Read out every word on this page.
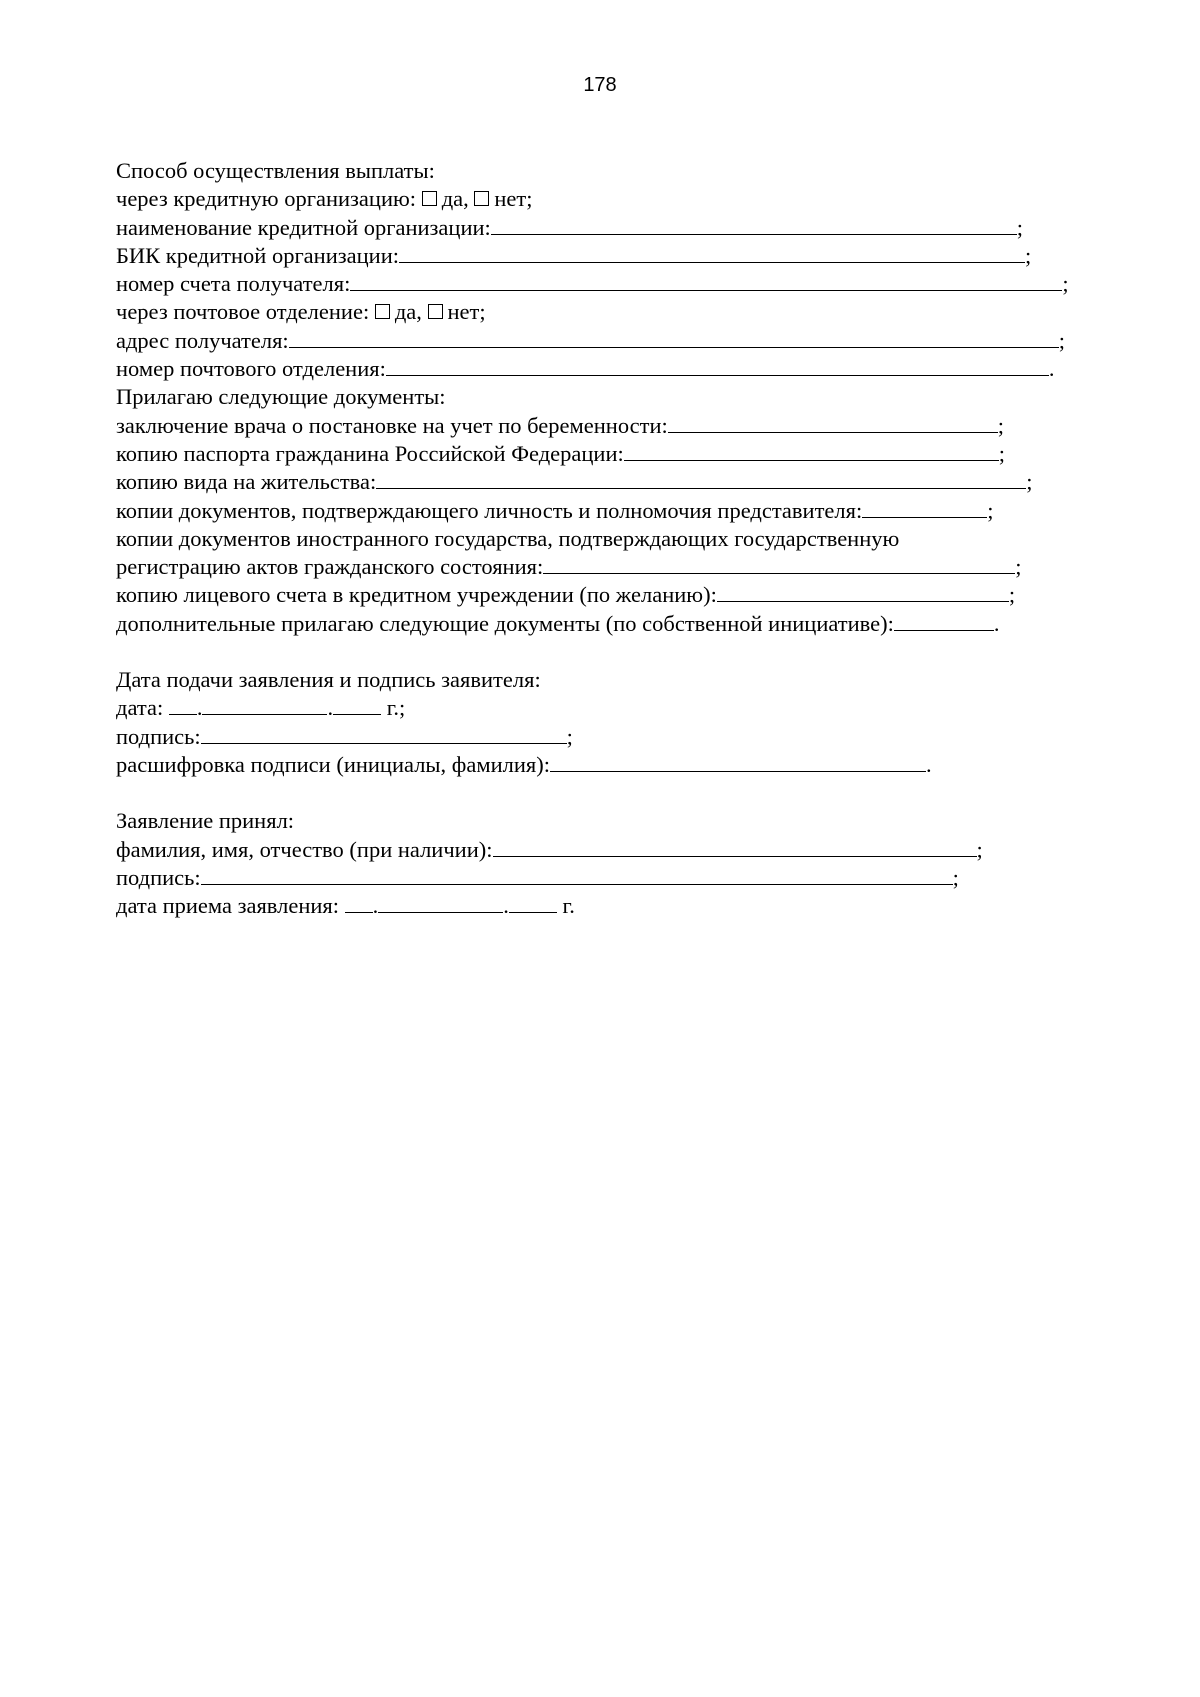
178
Способ осуществления выплаты:
через кредитную организацию: да, нет;
наименование кредитной организации:	;
БИК кредитной организации:	;
номер счета получателя:	;
через почтовое отделение: да, нет;
адрес получателя:	;
номер почтового отделения:	.
Прилагаю следующие документы:
заключение врача о постановке на учет по беременности:	;
копию паспорта гражданина Российской Федерации:	;
копию вида на жительства:	;
копии документов, подтверждающего личность и полномочия представителя:	;
копии документов иностранного государства, подтверждающих государственную
регистрацию актов гражданского состояния:	;
копию лицевого счета в кредитном учреждении (по желанию):	;
дополнительные прилагаю следующие документы (по собственной инициативе):	.
Дата подачи заявления и подпись заявителя:
дата: .	. г.;
подпись:	;
расшифровка подписи (инициалы, фамилия):	.
Заявление принял:
фамилия, имя, отчество (при наличии):	;
подпись:	;
дата приема заявления: .	. г.
